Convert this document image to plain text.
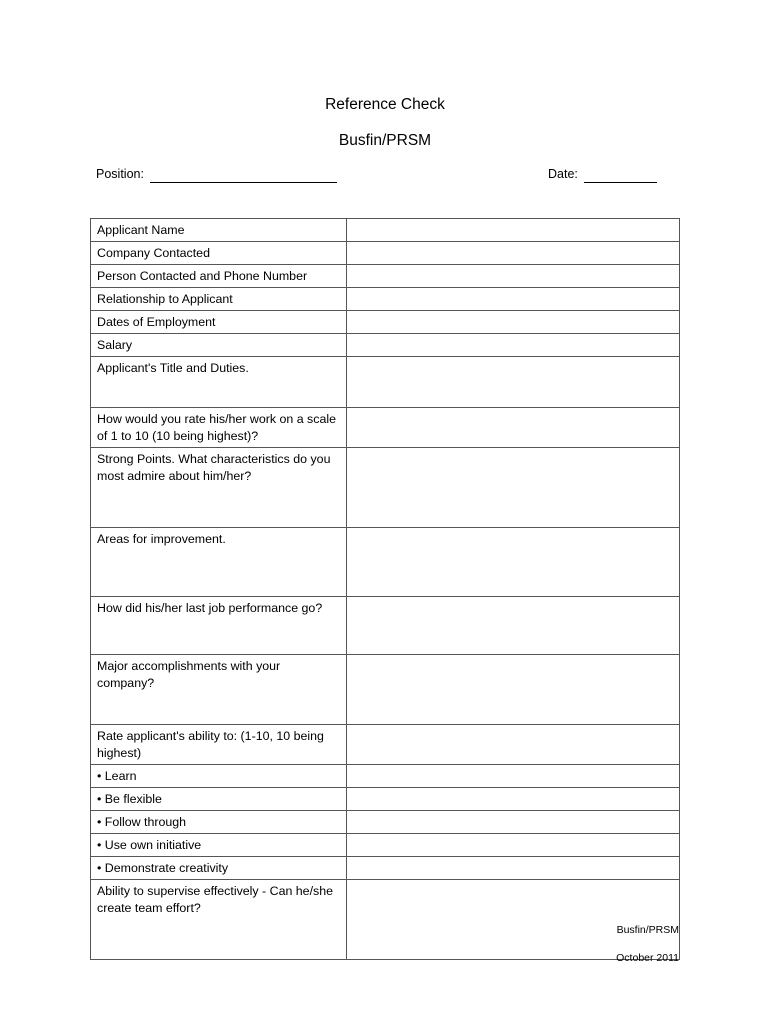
Reference Check
Busfin/PRSM
Position:	Date:
Applicant Name	
Company Contacted	
Person Contacted and Phone Number	
Relationship to Applicant	
Dates of Employment	
Salary	
Applicant's Title and Duties.	
How would you rate his/her work on a scale of 1 to 10 (10 being highest)?	
Strong Points. What characteristics do you most admire about him/her?	
Areas for improvement.	
How did his/her last job performance go?	
Major accomplishments with your company?	
Rate applicant's ability to: (1-10, 10 being highest)	
• Learn	
• Be flexible	
• Follow through	
• Use own initiative	
• Demonstrate creativity	
Ability to supervise effectively - Can he/she create team effort?	
Busfin/PRSM
October 2011
